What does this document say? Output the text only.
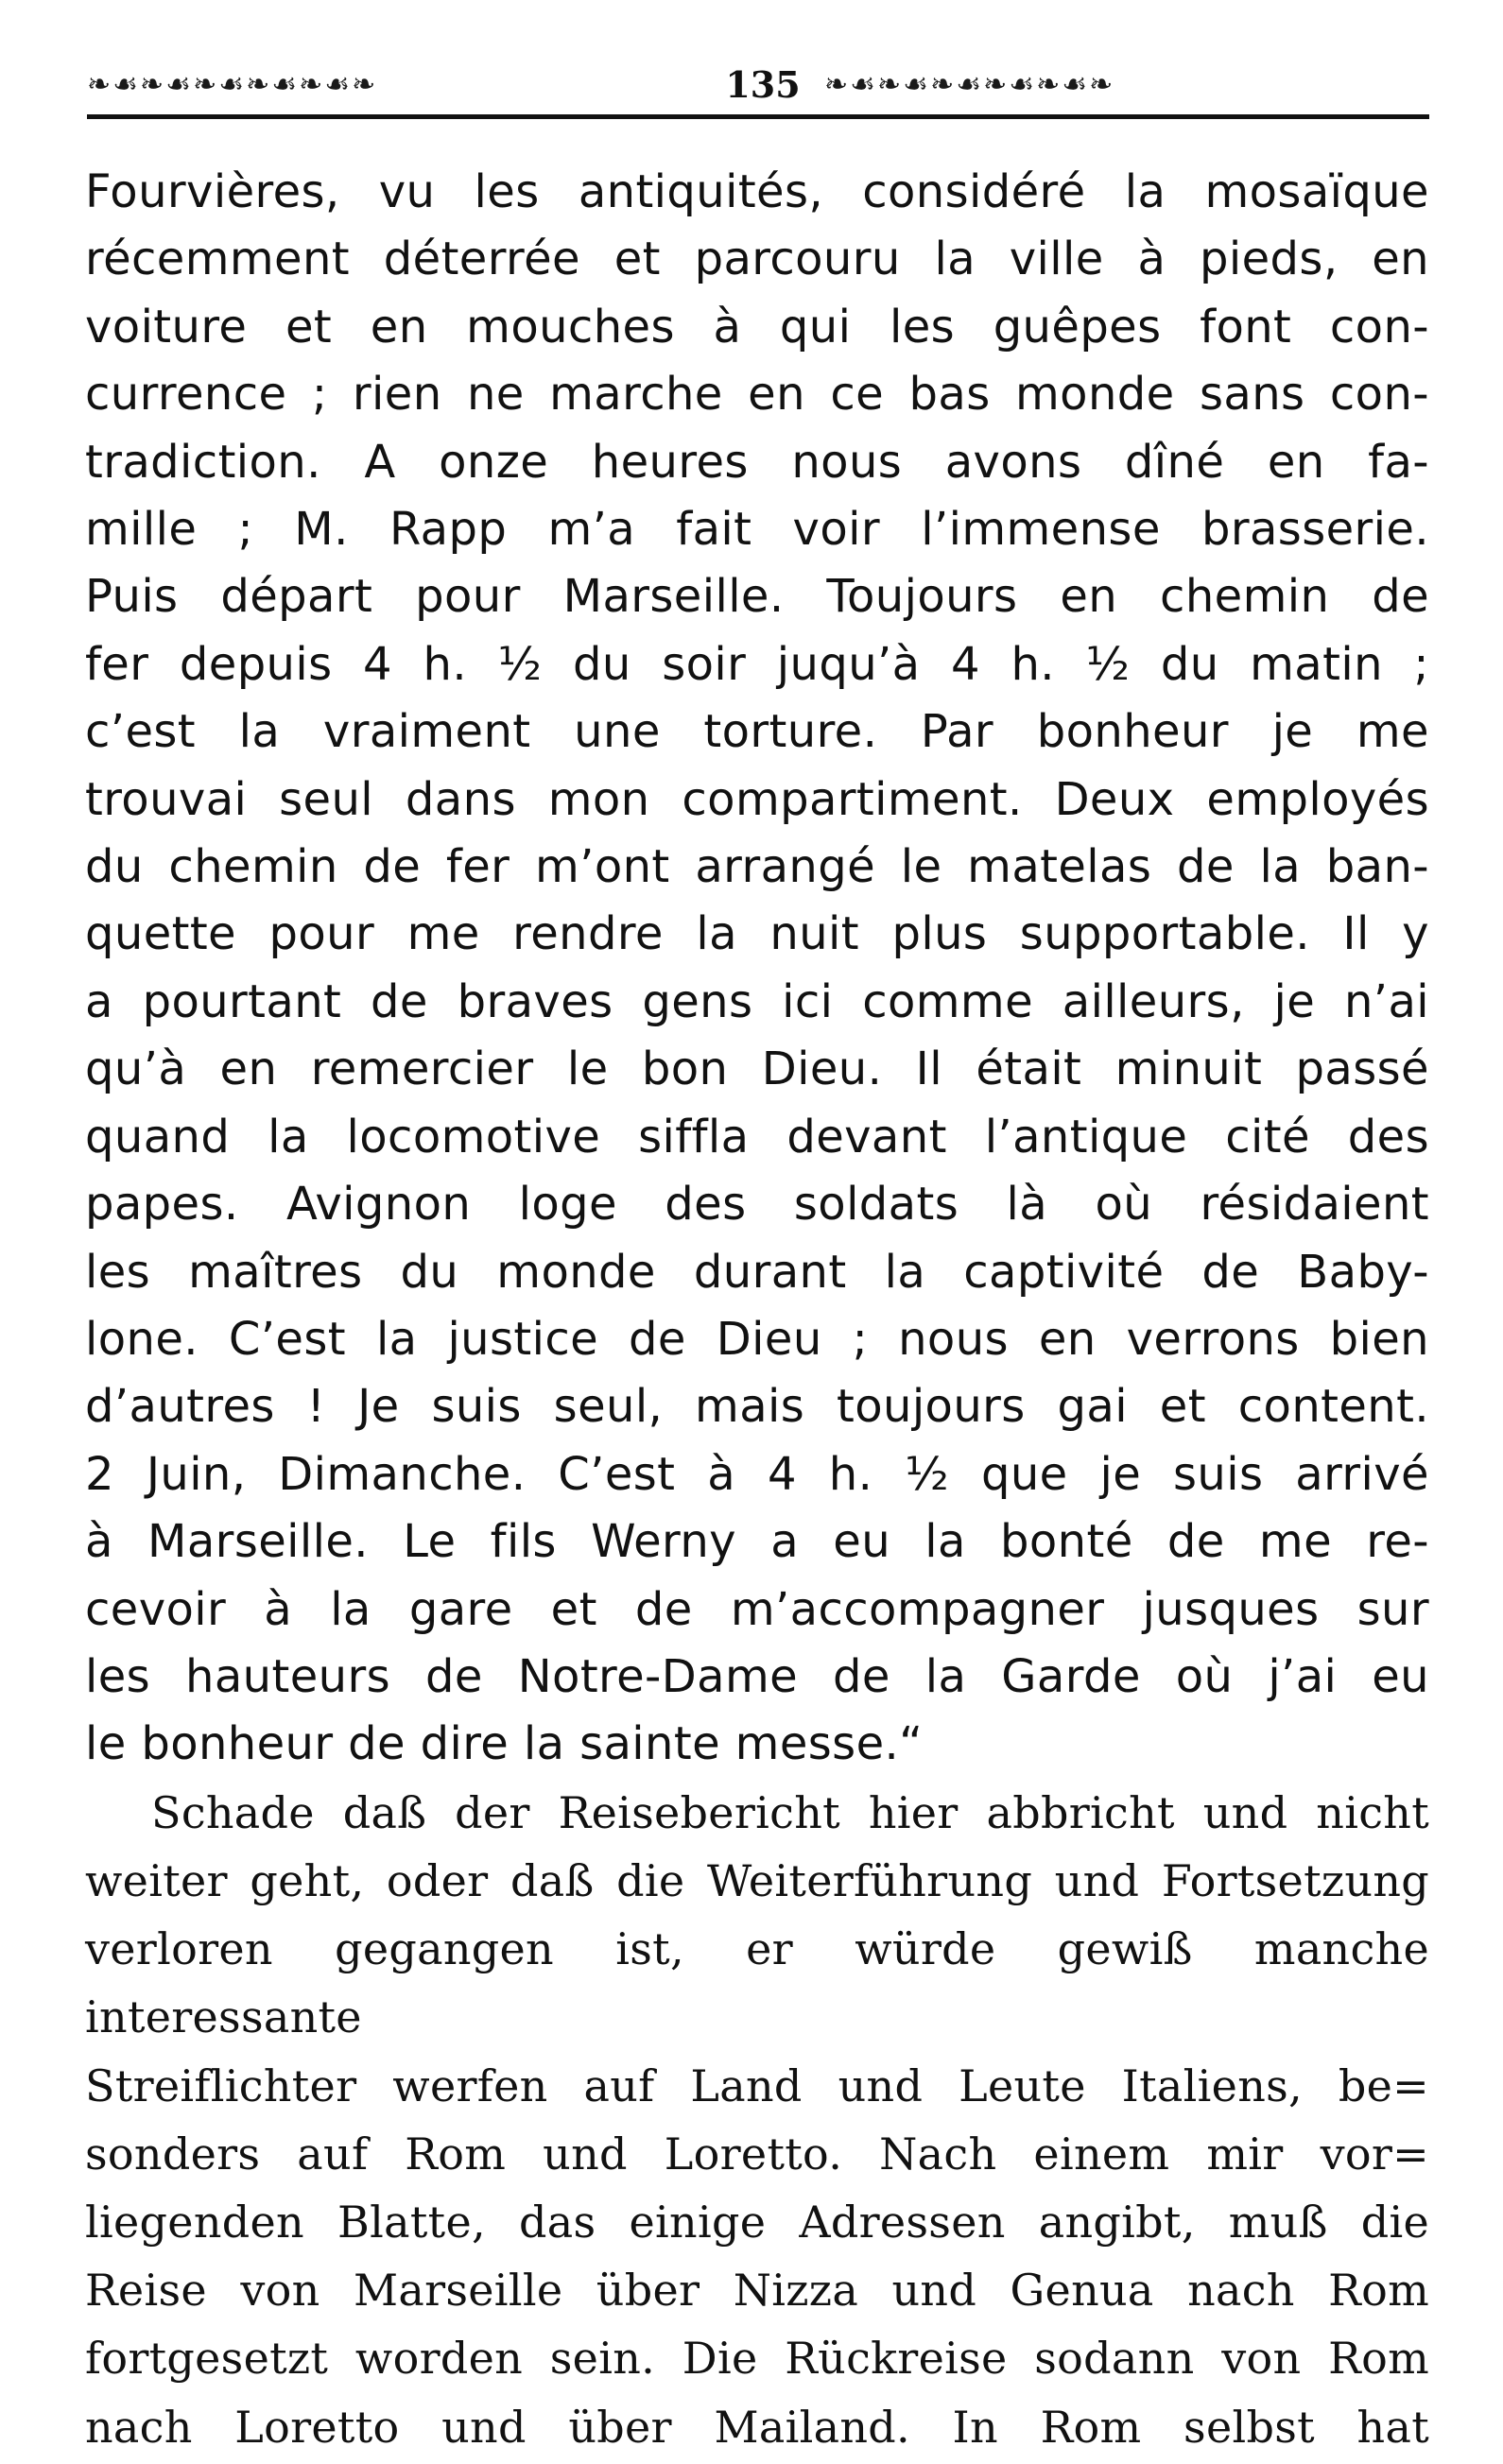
❧☙❧☙❧☙❧☙❧☙❧	135 ❧☙❧☙❧☙❧☙❧☙❧

Fourvières, vu les antiquités, considéré la mosaïque
récemment déterrée et parcouru la ville à pieds, en
voiture et en mouches à qui les guêpes font con-
currence ; rien ne marche en ce bas monde sans con-
tradiction. A onze heures nous avons dîné en fa-
mille ; M. Rapp m’a fait voir l’immense brasserie.
Puis départ pour Marseille. Toujours en chemin de
fer depuis 4 h. ½ du soir juqu’à 4 h. ½ du matin ;
c’est la vraiment une torture. Par bonheur je me
trouvai seul dans mon compartiment. Deux employés
du chemin de fer m’ont arrangé le matelas de la ban-
quette pour me rendre la nuit plus supportable. Il y
a pourtant de braves gens ici comme ailleurs, je n’ai
qu’à en remercier le bon Dieu. Il était minuit passé
quand la locomotive siffla devant l’antique cité des
papes. Avignon loge des soldats là où résidaient
les maîtres du monde durant la captivité de Baby-
lone. C’est la justice de Dieu ; nous en verrons bien
d’autres ! Je suis seul, mais toujours gai et content.
2 Juin, Dimanche. C’est à 4 h. ½ que je suis arrivé
à Marseille. Le fils Werny a eu la bonté de me re-
cevoir à la gare et de m’accompagner jusques sur
les hauteurs de Notre-Dame de la Garde où j’ai eu
le bonheur de dire la sainte messe.“

Schade daß der Reisebericht hier abbricht und nicht
weiter geht, oder daß die Weiterführung und Fortsetzung
verloren gegangen ist, er würde gewiß manche interessante
Streiflichter werfen auf Land und Leute Italiens, be=
sonders auf Rom und Loretto. Nach einem mir vor=
liegenden Blatte, das einige Adressen angibt, muß die
Reise von Marseille über Nizza und Genua nach Rom
fortgesetzt worden sein. Die Rückreise sodann von Rom
nach Loretto und über Mailand. In Rom selbst hat
